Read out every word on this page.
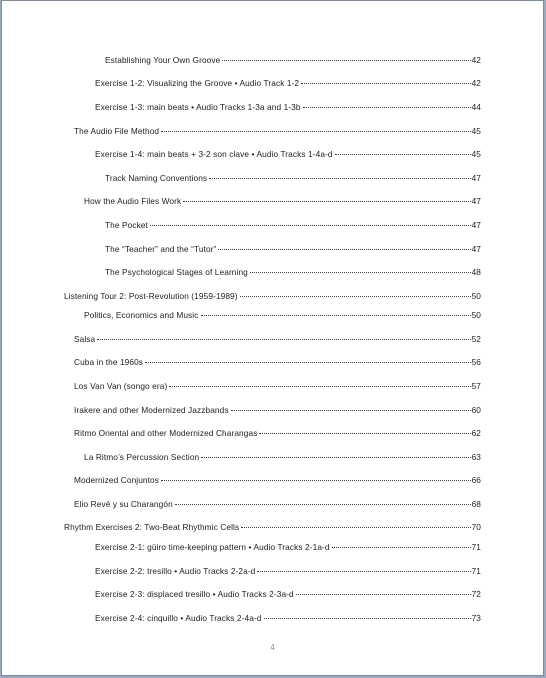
Establishing Your Own Groove	42
Exercise 1-2: Visualizing the Groove • Audio Track 1-2	42
Exercise 1-3: main beats • Audio Tracks 1-3a and 1-3b	44
The Audio File Method	45
Exercise 1-4: main beats + 3-2 son clave • Audio Tracks 1-4a-d	45
Track Naming Conventions	47
How the Audio Files Work	47
The Pocket	47
The “Teacher” and the “Tutor”	47
The Psychological Stages of Learning	48
Listening Tour 2: Post-Revolution (1959-1989)	50
Politics, Economics and Music	50
Salsa	52
Cuba in the 1960s	56
Los Van Van (songo era)	57
Irakere and other Modernized Jazzbands	60
Ritmo Oriental and other Modernized Charangas	62
La Ritmo’s Percussion Section	63
Modernized Conjuntos	66
Elio Revé y su Charangón	68
Rhythm Exercises 2: Two-Beat Rhythmic Cells	70
Exercise 2-1: güiro time-keeping pattern • Audio Tracks 2-1a-d	71
Exercise 2-2: tresillo • Audio Tracks 2-2a-d	71
Exercise 2-3: displaced tresillo • Audio Tracks 2-3a-d	72
Exercise 2-4: cinquillo • Audio Tracks 2-4a-d	73
4
